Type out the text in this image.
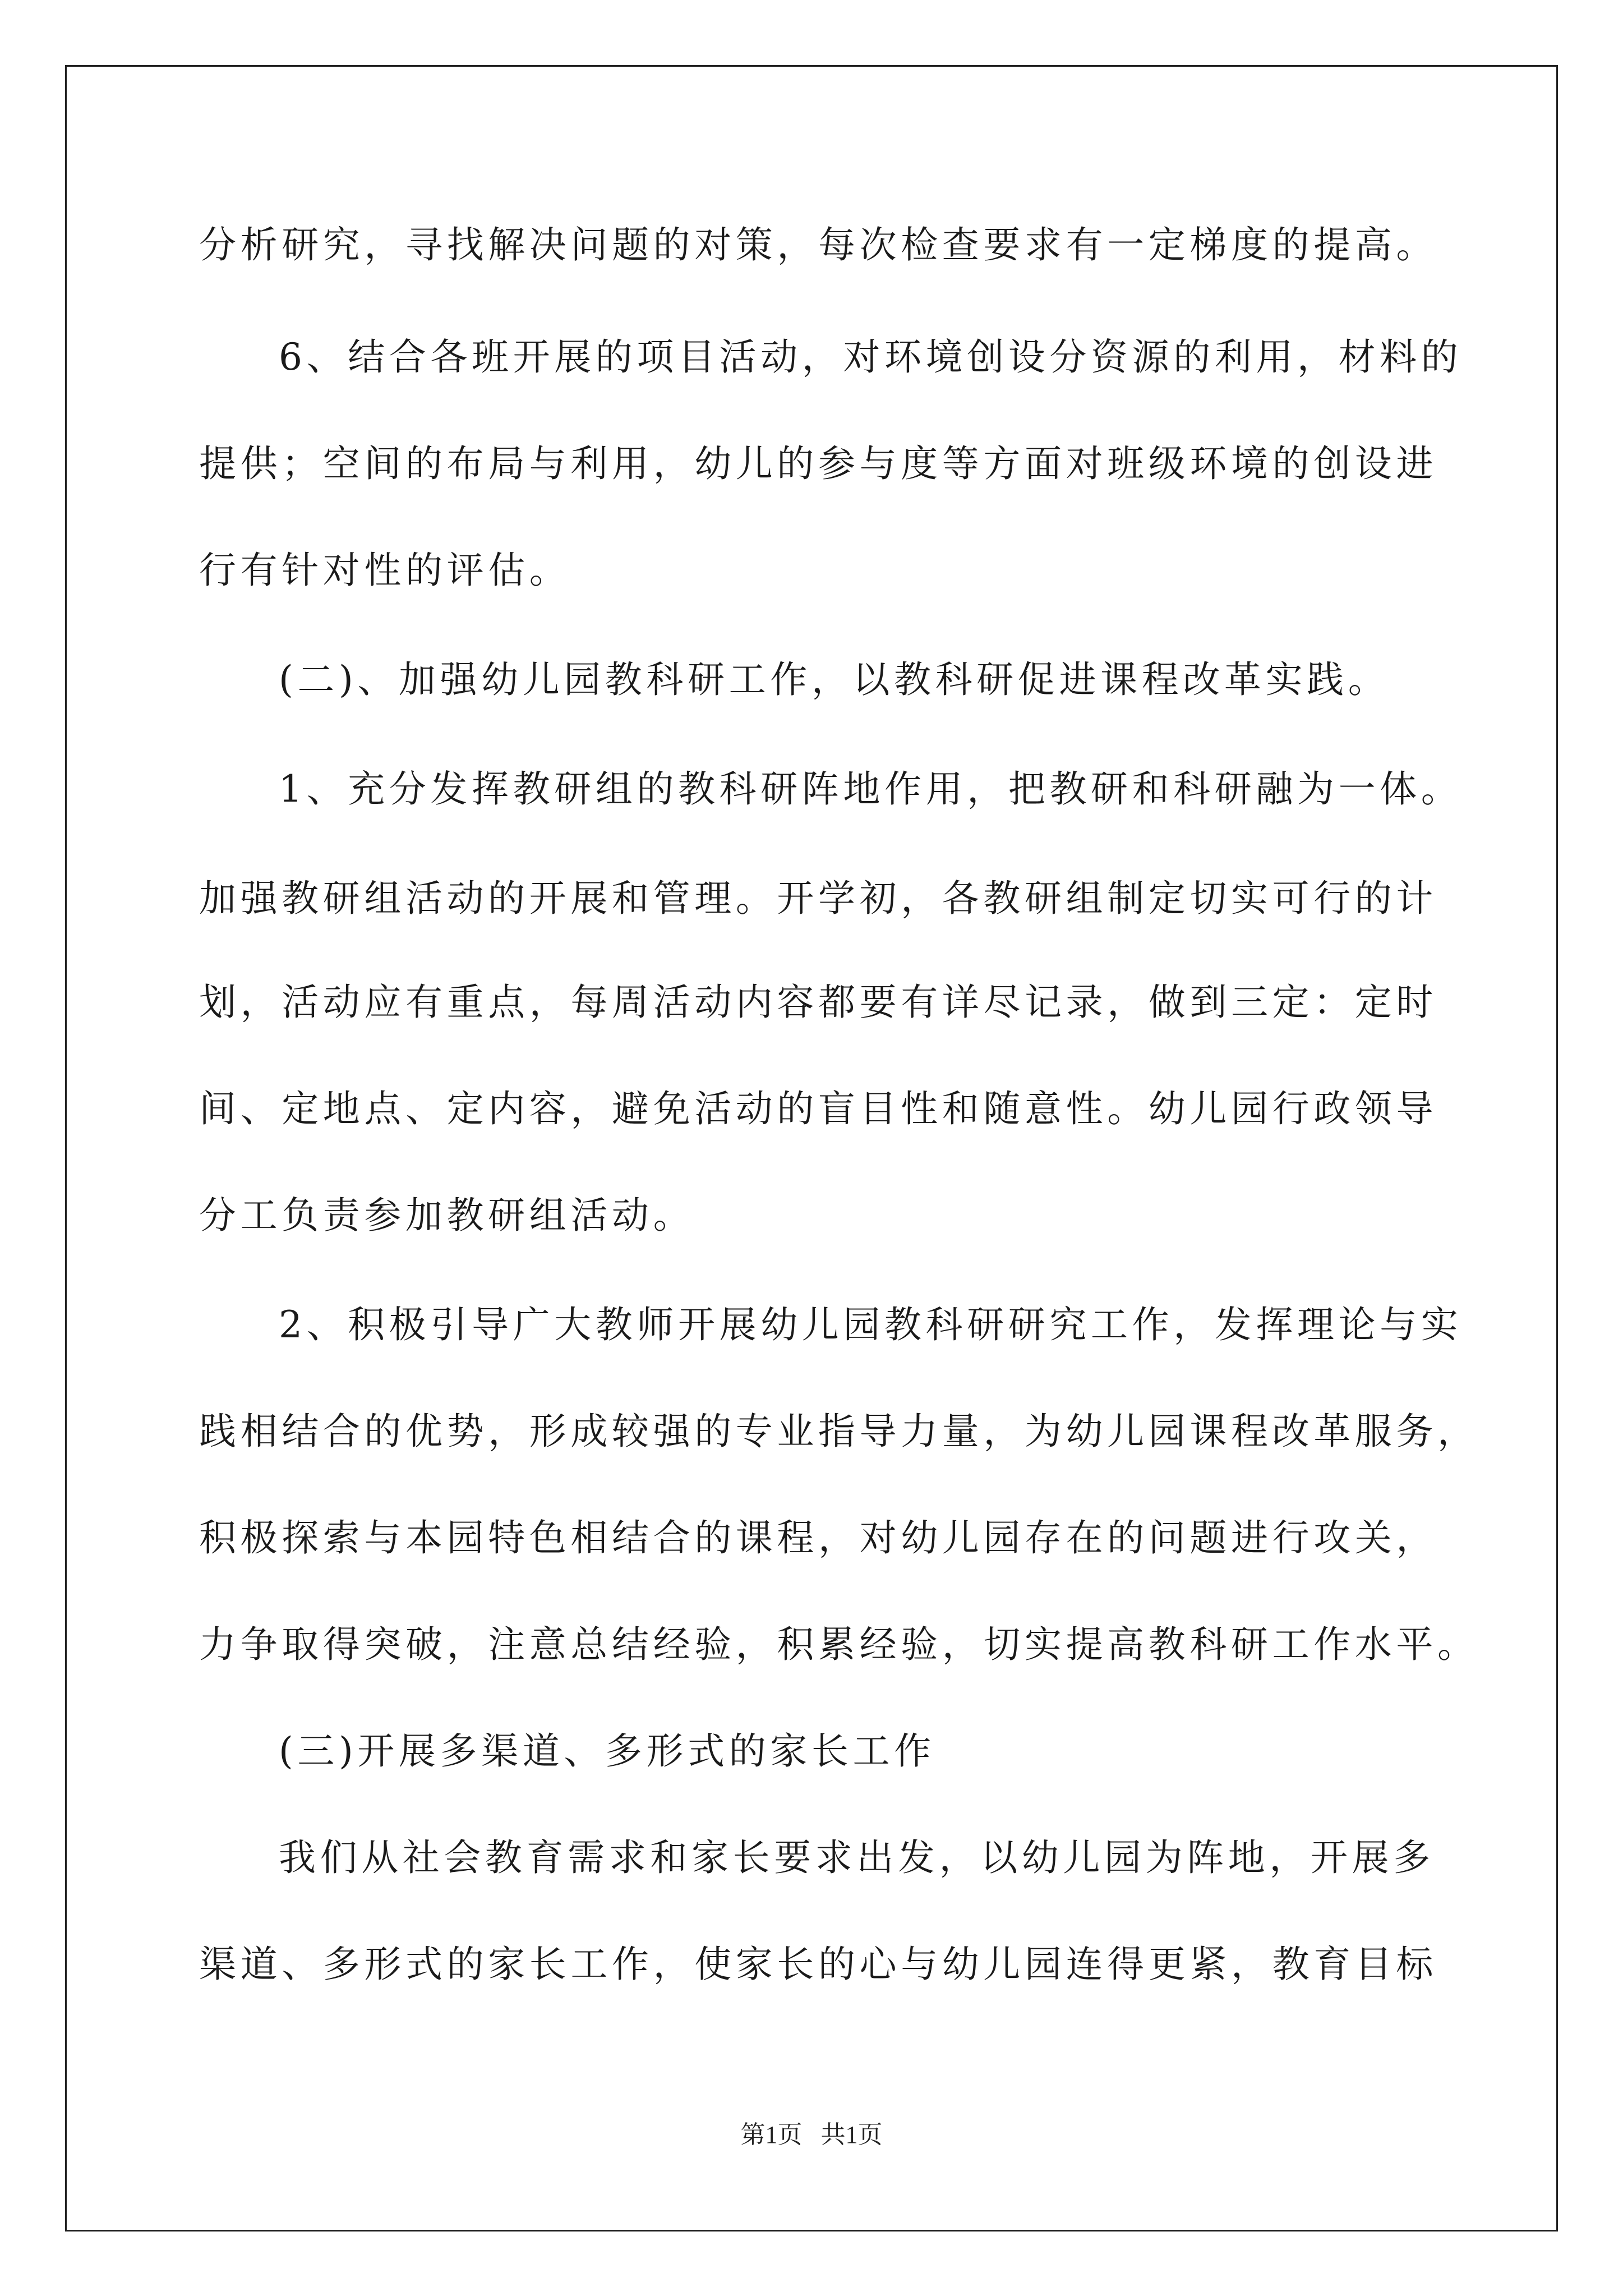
分析研究，寻找解决问题的对策，每次检查要求有一定梯度的提高。
6、结合各班开展的项目活动，对环境创设分资源的利用，材料的
提供；空间的布局与利用，幼儿的参与度等方面对班级环境的创设进
行有针对性的评估。
(二)、加强幼儿园教科研工作，以教科研促进课程改革实践。
1、充分发挥教研组的教科研阵地作用，把教研和科研融为一体。
加强教研组活动的开展和管理。开学初，各教研组制定切实可行的计
划，活动应有重点，每周活动内容都要有详尽记录，做到三定：定时
间、定地点、定内容，避免活动的盲目性和随意性。幼儿园行政领导
分工负责参加教研组活动。
2、积极引导广大教师开展幼儿园教科研研究工作，发挥理论与实
践相结合的优势，形成较强的专业指导力量，为幼儿园课程改革服务，
积极探索与本园特色相结合的课程，对幼儿园存在的问题进行攻关，
力争取得突破，注意总结经验，积累经验，切实提高教科研工作水平。
(三)开展多渠道、多形式的家长工作
我们从社会教育需求和家长要求出发，以幼儿园为阵地，开展多
渠道、多形式的家长工作，使家长的心与幼儿园连得更紧，教育目标
第1页   共1页
